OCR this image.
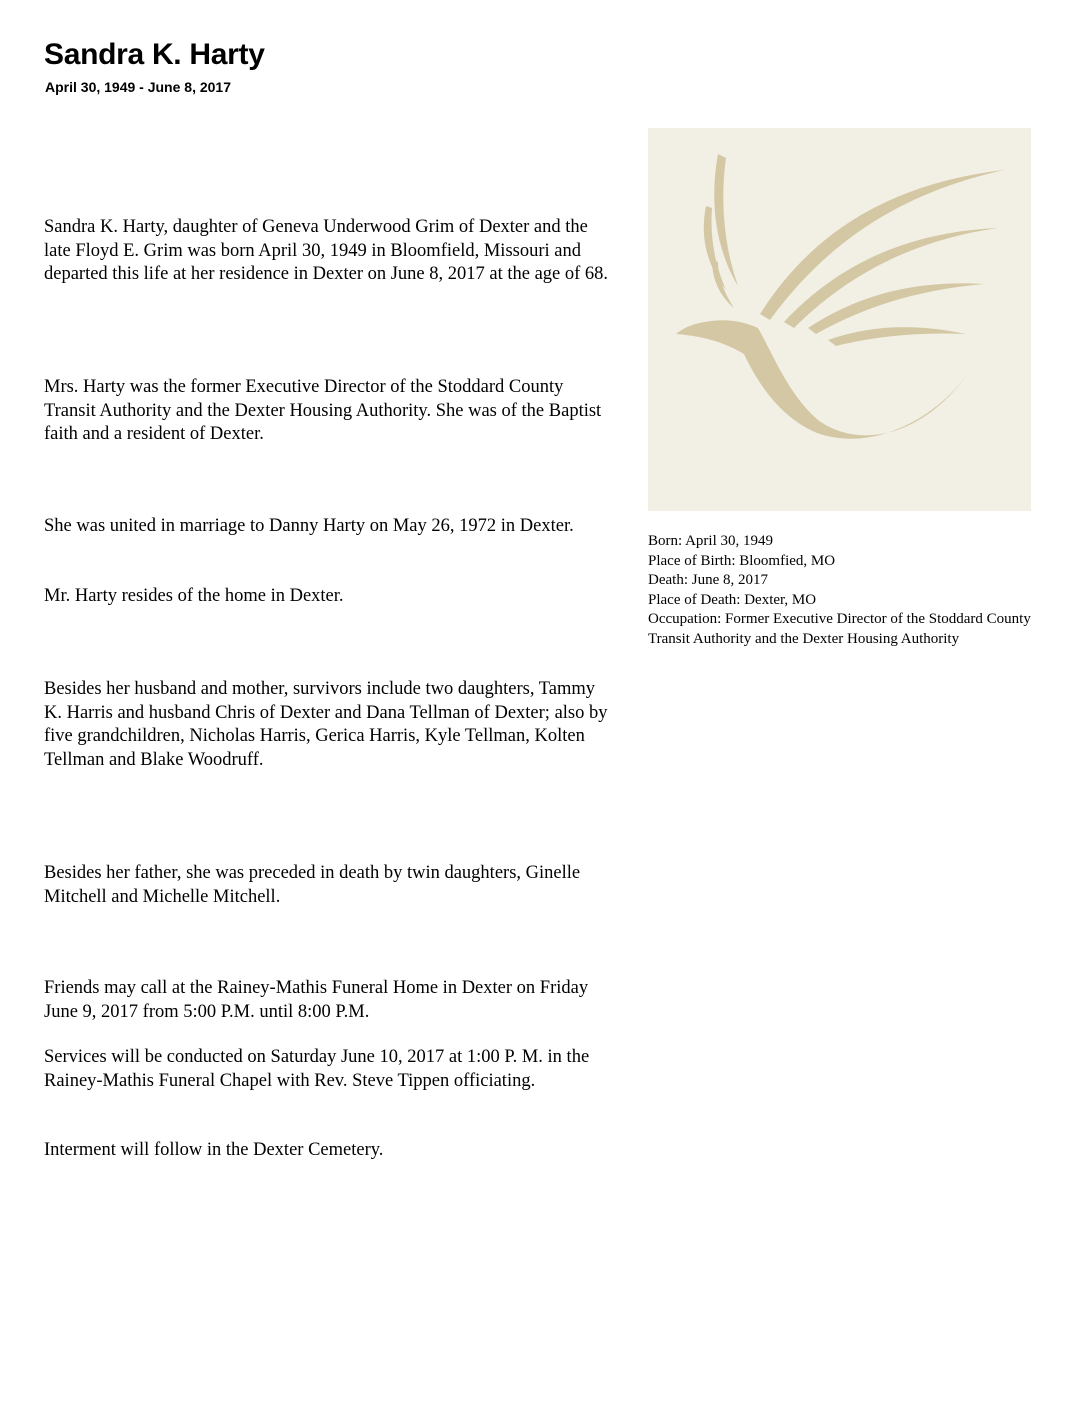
Sandra K. Harty

April 30, 1949 - June 8, 2017

Sandra K. Harty, daughter of Geneva Underwood Grim of Dexter and the late Floyd E. Grim was born April 30, 1949 in Bloomfield, Missouri and departed this life at her residence in Dexter on June 8, 2017 at the age of 68.

Mrs. Harty was the former Executive Director of the Stoddard County Transit Authority and the Dexter Housing Authority. She was of the Baptist faith and a resident of Dexter.

She was united in marriage to Danny Harty on May 26, 1972 in Dexter.

Mr. Harty resides of the home in Dexter.

Besides her husband and mother, survivors include two daughters, Tammy K. Harris and husband Chris of Dexter and Dana Tellman of Dexter; also by five grandchildren, Nicholas Harris, Gerica Harris, Kyle Tellman, Kolten Tellman and Blake Woodruff.

Besides her father, she was preceded in death by twin daughters, Ginelle Mitchell and Michelle Mitchell.

Friends may call at the Rainey-Mathis Funeral Home in Dexter on Friday June 9, 2017 from 5:00 P.M. until 8:00 P.M.

Services will be conducted on Saturday June 10, 2017 at 1:00 P. M. in the Rainey-Mathis Funeral Chapel with Rev. Steve Tippen officiating.

Interment will follow in the Dexter Cemetery.

Born: April 30, 1949
Place of Birth: Bloomfied, MO
Death: June 8, 2017
Place of Death: Dexter, MO
Occupation: Former Executive Director of the Stoddard County Transit Authority and the Dexter Housing Authority
